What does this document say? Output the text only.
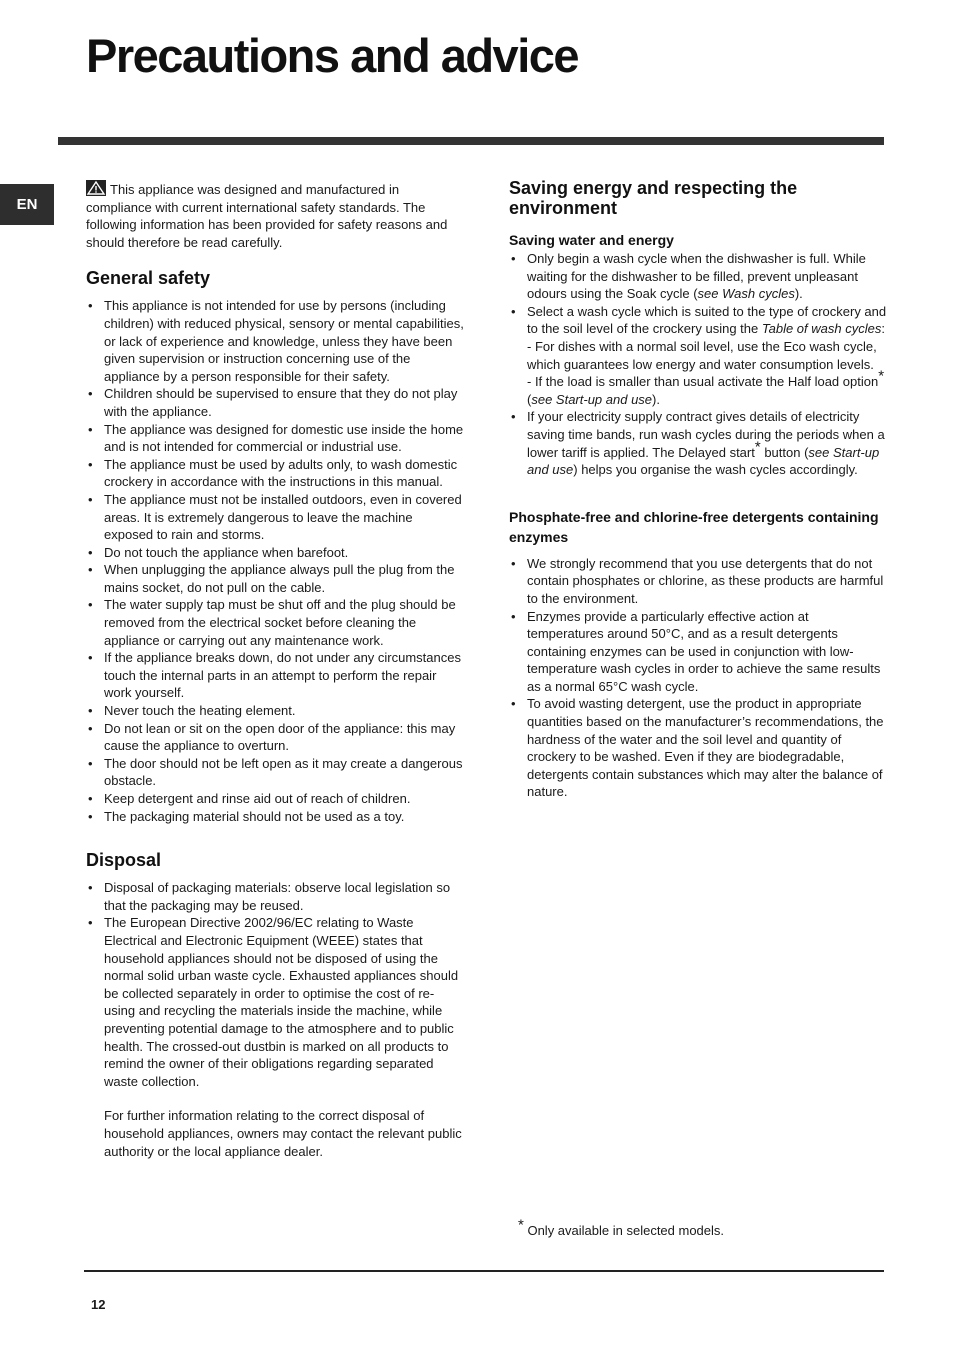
Precautions and advice
EN

This appliance was designed and manufactured in compliance with current international safety standards. The following information has been provided for safety reasons and should therefore be read carefully.

General safety
• This appliance is not intended for use by persons (including children) with reduced physical, sensory or mental capabilities, or lack of experience and knowledge, unless they have been given supervision or instruction concerning use of the appliance by a person responsible for their safety.
• Children should be supervised to ensure that they do not play with the appliance.
• The appliance was designed for domestic use inside the home and is not intended for commercial or industrial use.
• The appliance must be used by adults only, to wash domestic crockery in accordance with the instructions in this manual.
• The appliance must not be installed outdoors, even in covered areas. It is extremely dangerous to leave the machine exposed to rain and storms.
• Do not touch the appliance when barefoot.
• When unplugging the appliance always pull the plug from the mains socket, do not pull on the cable.
• The water supply tap must be shut off and the plug should be removed from the electrical socket before cleaning the appliance or carrying out any maintenance work.
• If the appliance breaks down, do not under any circumstances touch the internal parts in an attempt to perform the repair work yourself.
• Never touch the heating element.
• Do not lean or sit on the open door of the appliance: this may cause the appliance to overturn.
• The door should not be left open as it may create a dangerous obstacle.
• Keep detergent and rinse aid out of reach of children.
• The packaging material should not be used as a toy.
Disposal
• Disposal of packaging materials: observe local legislation so that the packaging may be reused.
• The European Directive 2002/96/EC relating to Waste Electrical and Electronic Equipment (WEEE) states that household appliances should not be disposed of using the normal solid urban waste cycle. Exhausted appliances should be collected separately in order to optimise the cost of re-using and recycling the materials inside the machine, while preventing potential damage to the atmosphere and to public health. The crossed-out dustbin is marked on all products to remind the owner of their obligations regarding separated waste collection.

For further information relating to the correct disposal of household appliances, owners may contact the relevant public authority or the local appliance dealer.

Saving energy and respecting the environment
Saving water and energy
• Only begin a wash cycle when the dishwasher is full. While waiting for the dishwasher to be filled, prevent unpleasant odours using the Soak cycle (see Wash cycles).
• Select a wash cycle which is suited to the type of crockery and to the soil level of the crockery using the Table of wash cycles:
- For dishes with a normal soil level, use the Eco wash cycle, which guarantees low energy and water consumption levels.
- If the load is smaller than usual activate the Half load option* (see Start-up and use).
• If your electricity supply contract gives details of electricity saving time bands, run wash cycles during the periods when a lower tariff is applied. The Delayed start* button (see Start-up and use) helps you organise the wash cycles accordingly.
Phosphate-free and chlorine-free detergents containing enzymes
• We strongly recommend that you use detergents that do not contain phosphates or chlorine, as these products are harmful to the environment.
• Enzymes provide a particularly effective action at temperatures around 50°C, and as a result detergents containing enzymes can be used in conjunction with low-temperature wash cycles in order to achieve the same results as a normal 65°C wash cycle.
• To avoid wasting detergent, use the product in appropriate quantities based on the manufacturer’s recommendations, the hardness of the water and the soil level and quantity of crockery to be washed. Even if they are biodegradable, detergents contain substances which may alter the balance of nature.

* Only available in selected models.

12
